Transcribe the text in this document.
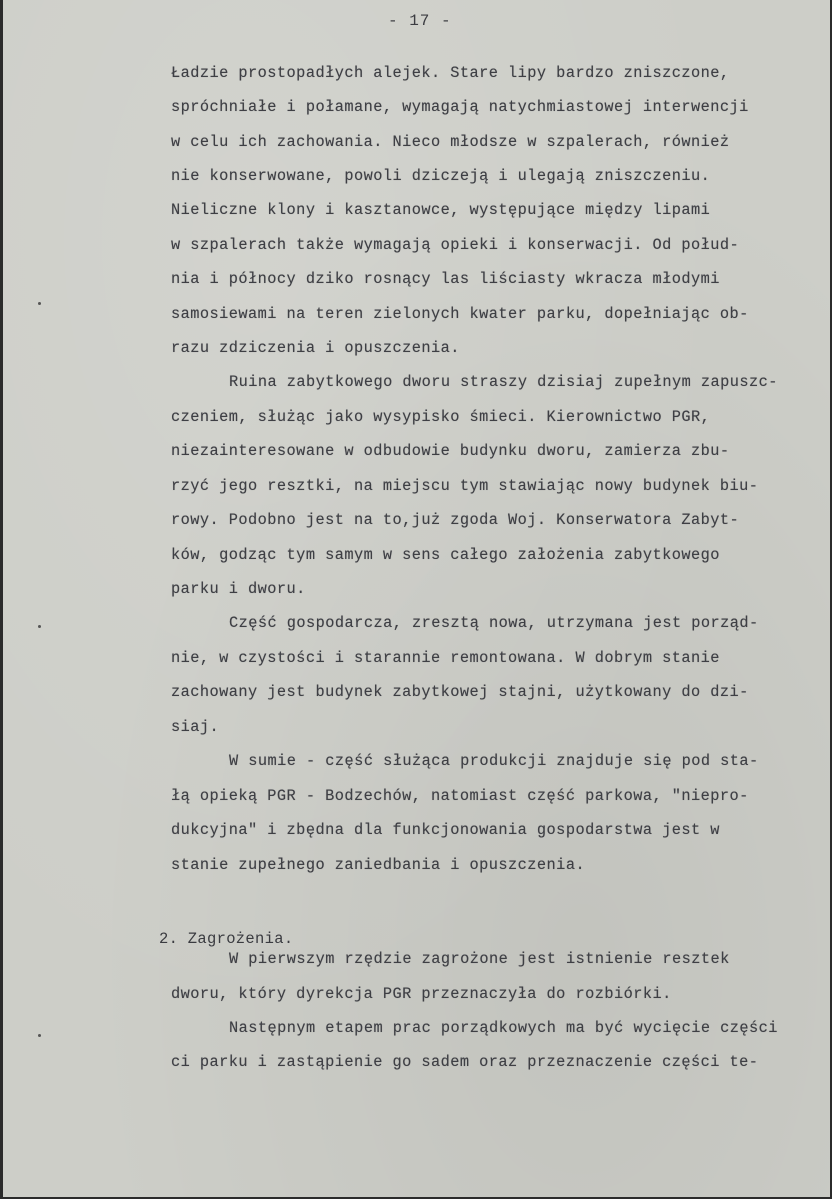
- 17 -
Ładzie prostopadłych alejek. Stare lipy bardzo zniszczone,
spróchniałe i połamane, wymagają natychmiastowej interwencji
w celu ich zachowania. Nieco młodsze w szpalerach, również
nie konserwowane, powoli dziczeją i ulegają zniszczeniu.
Nieliczne klony i kasztanowce, występujące między lipami
w szpalerach także wymagają opieki i konserwacji. Od połud-
nia i północy dziko rosnący las liściasty wkracza młodymi
samosiewami na teren zielonych kwater parku, dopełniając ob-
razu zdziczenia i opuszczenia.
Ruina zabytkowego dworu straszy dzisiaj zupełnym zapuszc-
czeniem, służąc jako wysypisko śmieci. Kierownictwo PGR,
niezainteresowane w odbudowie budynku dworu, zamierza zbu-
rzyć jego resztki, na miejscu tym stawiając nowy budynek biu-
rowy. Podobno jest na to,już zgoda Woj. Konserwatora Zabyt-
ków, godząc tym samym w sens całego założenia zabytkowego
parku i dworu.
Część gospodarcza, zresztą nowa, utrzymana jest porząd-
nie, w czystości i starannie remontowana. W dobrym stanie
zachowany jest budynek zabytkowej stajni, użytkowany do dzi-
siaj.
W sumie - część służąca produkcji znajduje się pod sta-
łą opieką PGR - Bodzechów, natomiast część parkowa, "niepro-
dukcyjna" i zbędna dla funkcjonowania gospodarstwa jest w
stanie zupełnego zaniedbania i opuszczenia.
2. Zagrożenia.
W pierwszym rzędzie zagrożone jest istnienie resztek
dworu, który dyrekcja PGR przeznaczyła do rozbiórki.
Następnym etapem prac porządkowych ma być wycięcie części
ci parku i zastąpienie go sadem oraz przeznaczenie części te-
